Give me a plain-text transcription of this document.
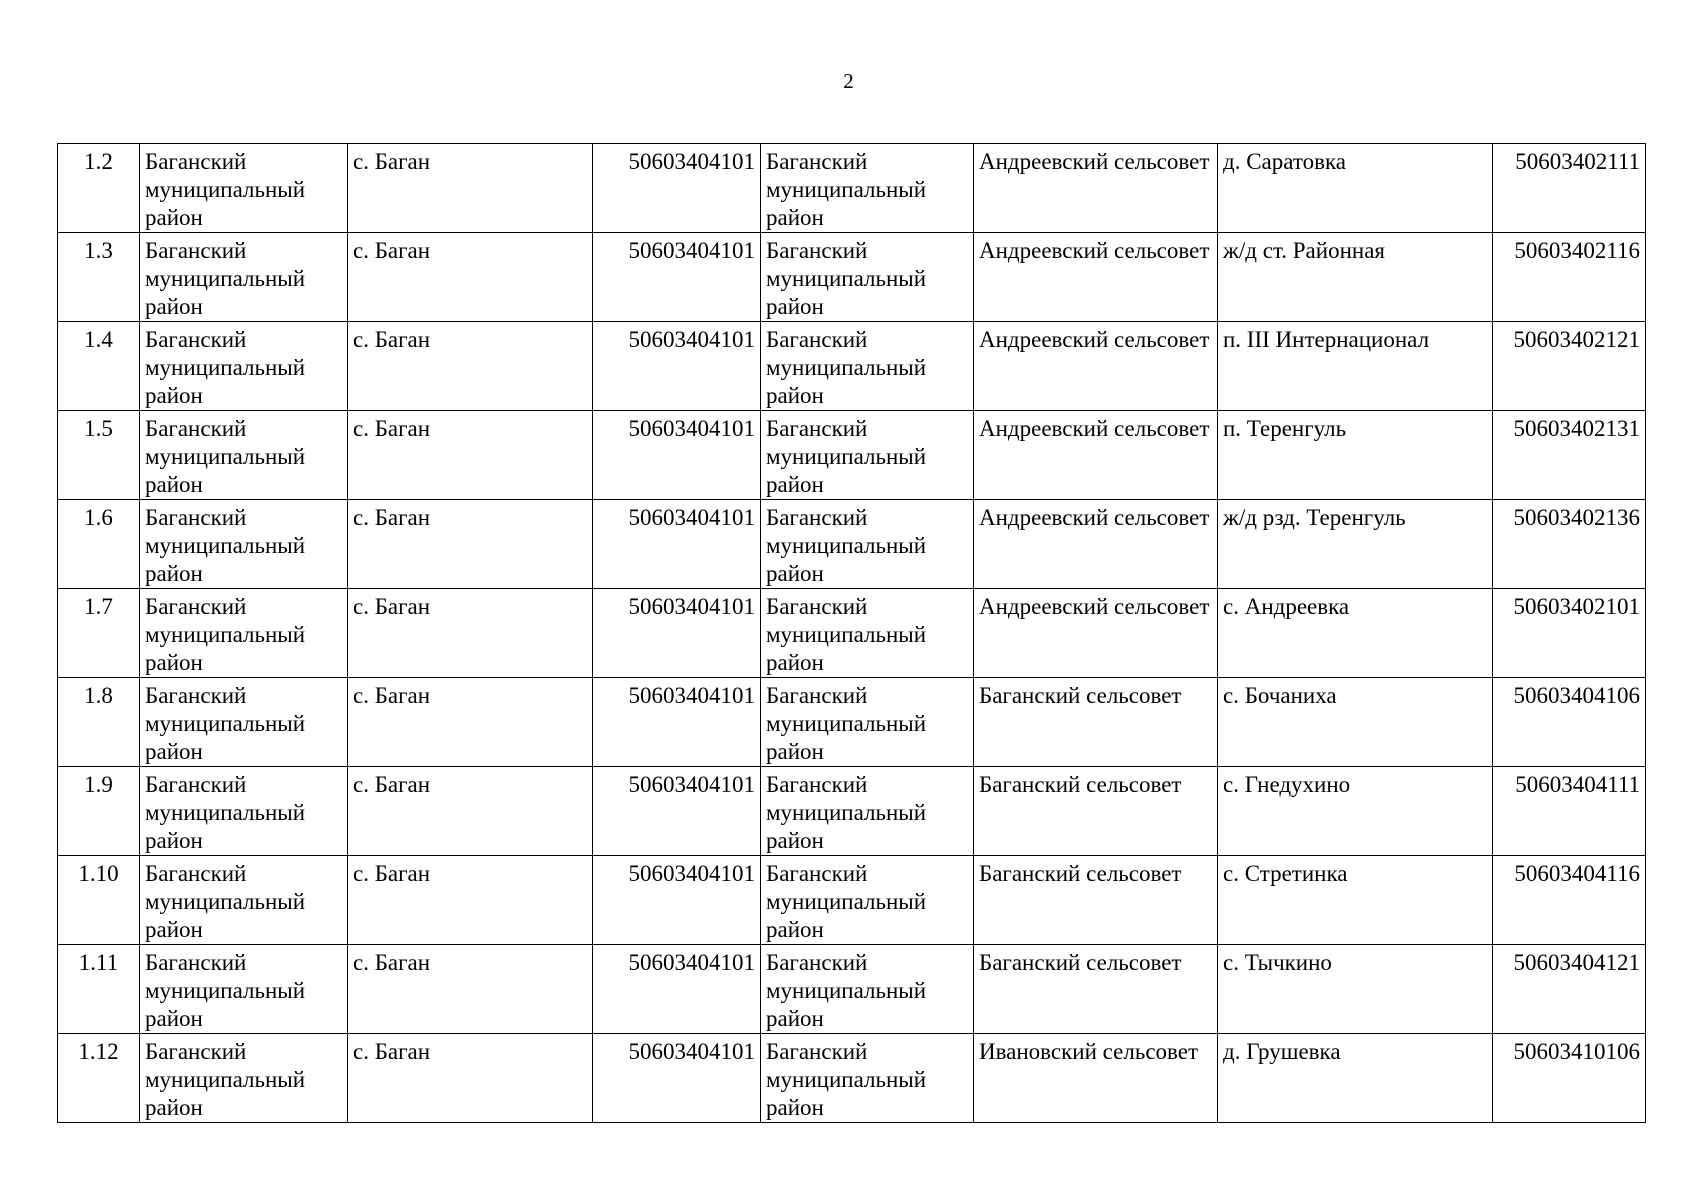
2
1.2	Баганский муниципальный район	с. Баган	50603404101	Баганский муниципальный район	Андреевский сельсовет	д. Саратовка	50603402111
1.3	Баганский муниципальный район	с. Баган	50603404101	Баганский муниципальный район	Андреевский сельсовет	ж/д ст. Районная	50603402116
1.4	Баганский муниципальный район	с. Баган	50603404101	Баганский муниципальный район	Андреевский сельсовет	п. III Интернационал	50603402121
1.5	Баганский муниципальный район	с. Баган	50603404101	Баганский муниципальный район	Андреевский сельсовет	п. Теренгуль	50603402131
1.6	Баганский муниципальный район	с. Баган	50603404101	Баганский муниципальный район	Андреевский сельсовет	ж/д рзд. Теренгуль	50603402136
1.7	Баганский муниципальный район	с. Баган	50603404101	Баганский муниципальный район	Андреевский сельсовет	с. Андреевка	50603402101
1.8	Баганский муниципальный район	с. Баган	50603404101	Баганский муниципальный район	Баганский сельсовет	с. Бочаниха	50603404106
1.9	Баганский муниципальный район	с. Баган	50603404101	Баганский муниципальный район	Баганский сельсовет	с. Гнедухино	50603404111
1.10	Баганский муниципальный район	с. Баган	50603404101	Баганский муниципальный район	Баганский сельсовет	с. Стретинка	50603404116
1.11	Баганский муниципальный район	с. Баган	50603404101	Баганский муниципальный район	Баганский сельсовет	с. Тычкино	50603404121
1.12	Баганский муниципальный район	с. Баган	50603404101	Баганский муниципальный район	Ивановский сельсовет	д. Грушевка	50603410106
